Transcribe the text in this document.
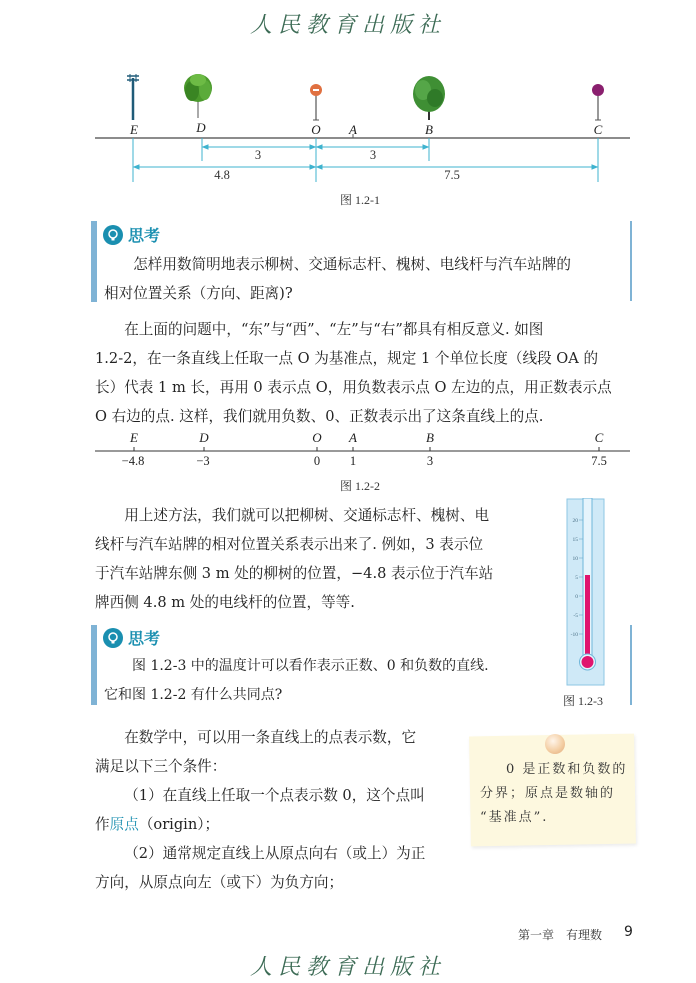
人民教育出版社
E	D	O A	B	C
3	3
4.8	7.5
图 1.2-1
思考
怎样用数简明地表示柳树、交通标志杆、槐树、电线杆与汽车站牌的
相对位置关系（方向、距离)?
在上面的问题中，“东”与“西”、“左”与“右”都具有相反意义. 如图
1.2-2，在一条直线上任取一点 O 为基准点，规定 1 个单位长度（线段 OA 的
长）代表 1 m 长，再用 0 表示点 O，用负数表示点 O 左边的点，用正数表示点
O 右边的点. 这样，我们就用负数、0、正数表示出了这条直线上的点.
E	D	O A	B	C
−4.8	−3	0 1	3	7.5
图 1.2-2
用上述方法，我们就可以把柳树、交通标志杆、槐树、电
线杆与汽车站牌的相对位置关系表示出来了. 例如，3 表示位
于汽车站牌东侧 3 m 处的柳树的位置，−4.8 表示位于汽车站
牌西侧 4.8 m 处的电线杆的位置，等等.
20
15
10
5
0
-5
-10
图 1.2-3
思考
图 1.2-3 中的温度计可以看作表示正数、0 和负数的直线.
它和图 1.2-2 有什么共同点?
在数学中，可以用一条直线上的点表示数，它
满足以下三个条件：
（1）在直线上任取一个点表示数 0，这个点叫
作原点（origin）；
（2）通常规定直线上从原点向右（或上）为正
方向，从原点向左（或下）为负方向；
0 是正数和负数的
分界；原点是数轴的
“基准点”.
第一章　有理数 9
人民教育出版社
